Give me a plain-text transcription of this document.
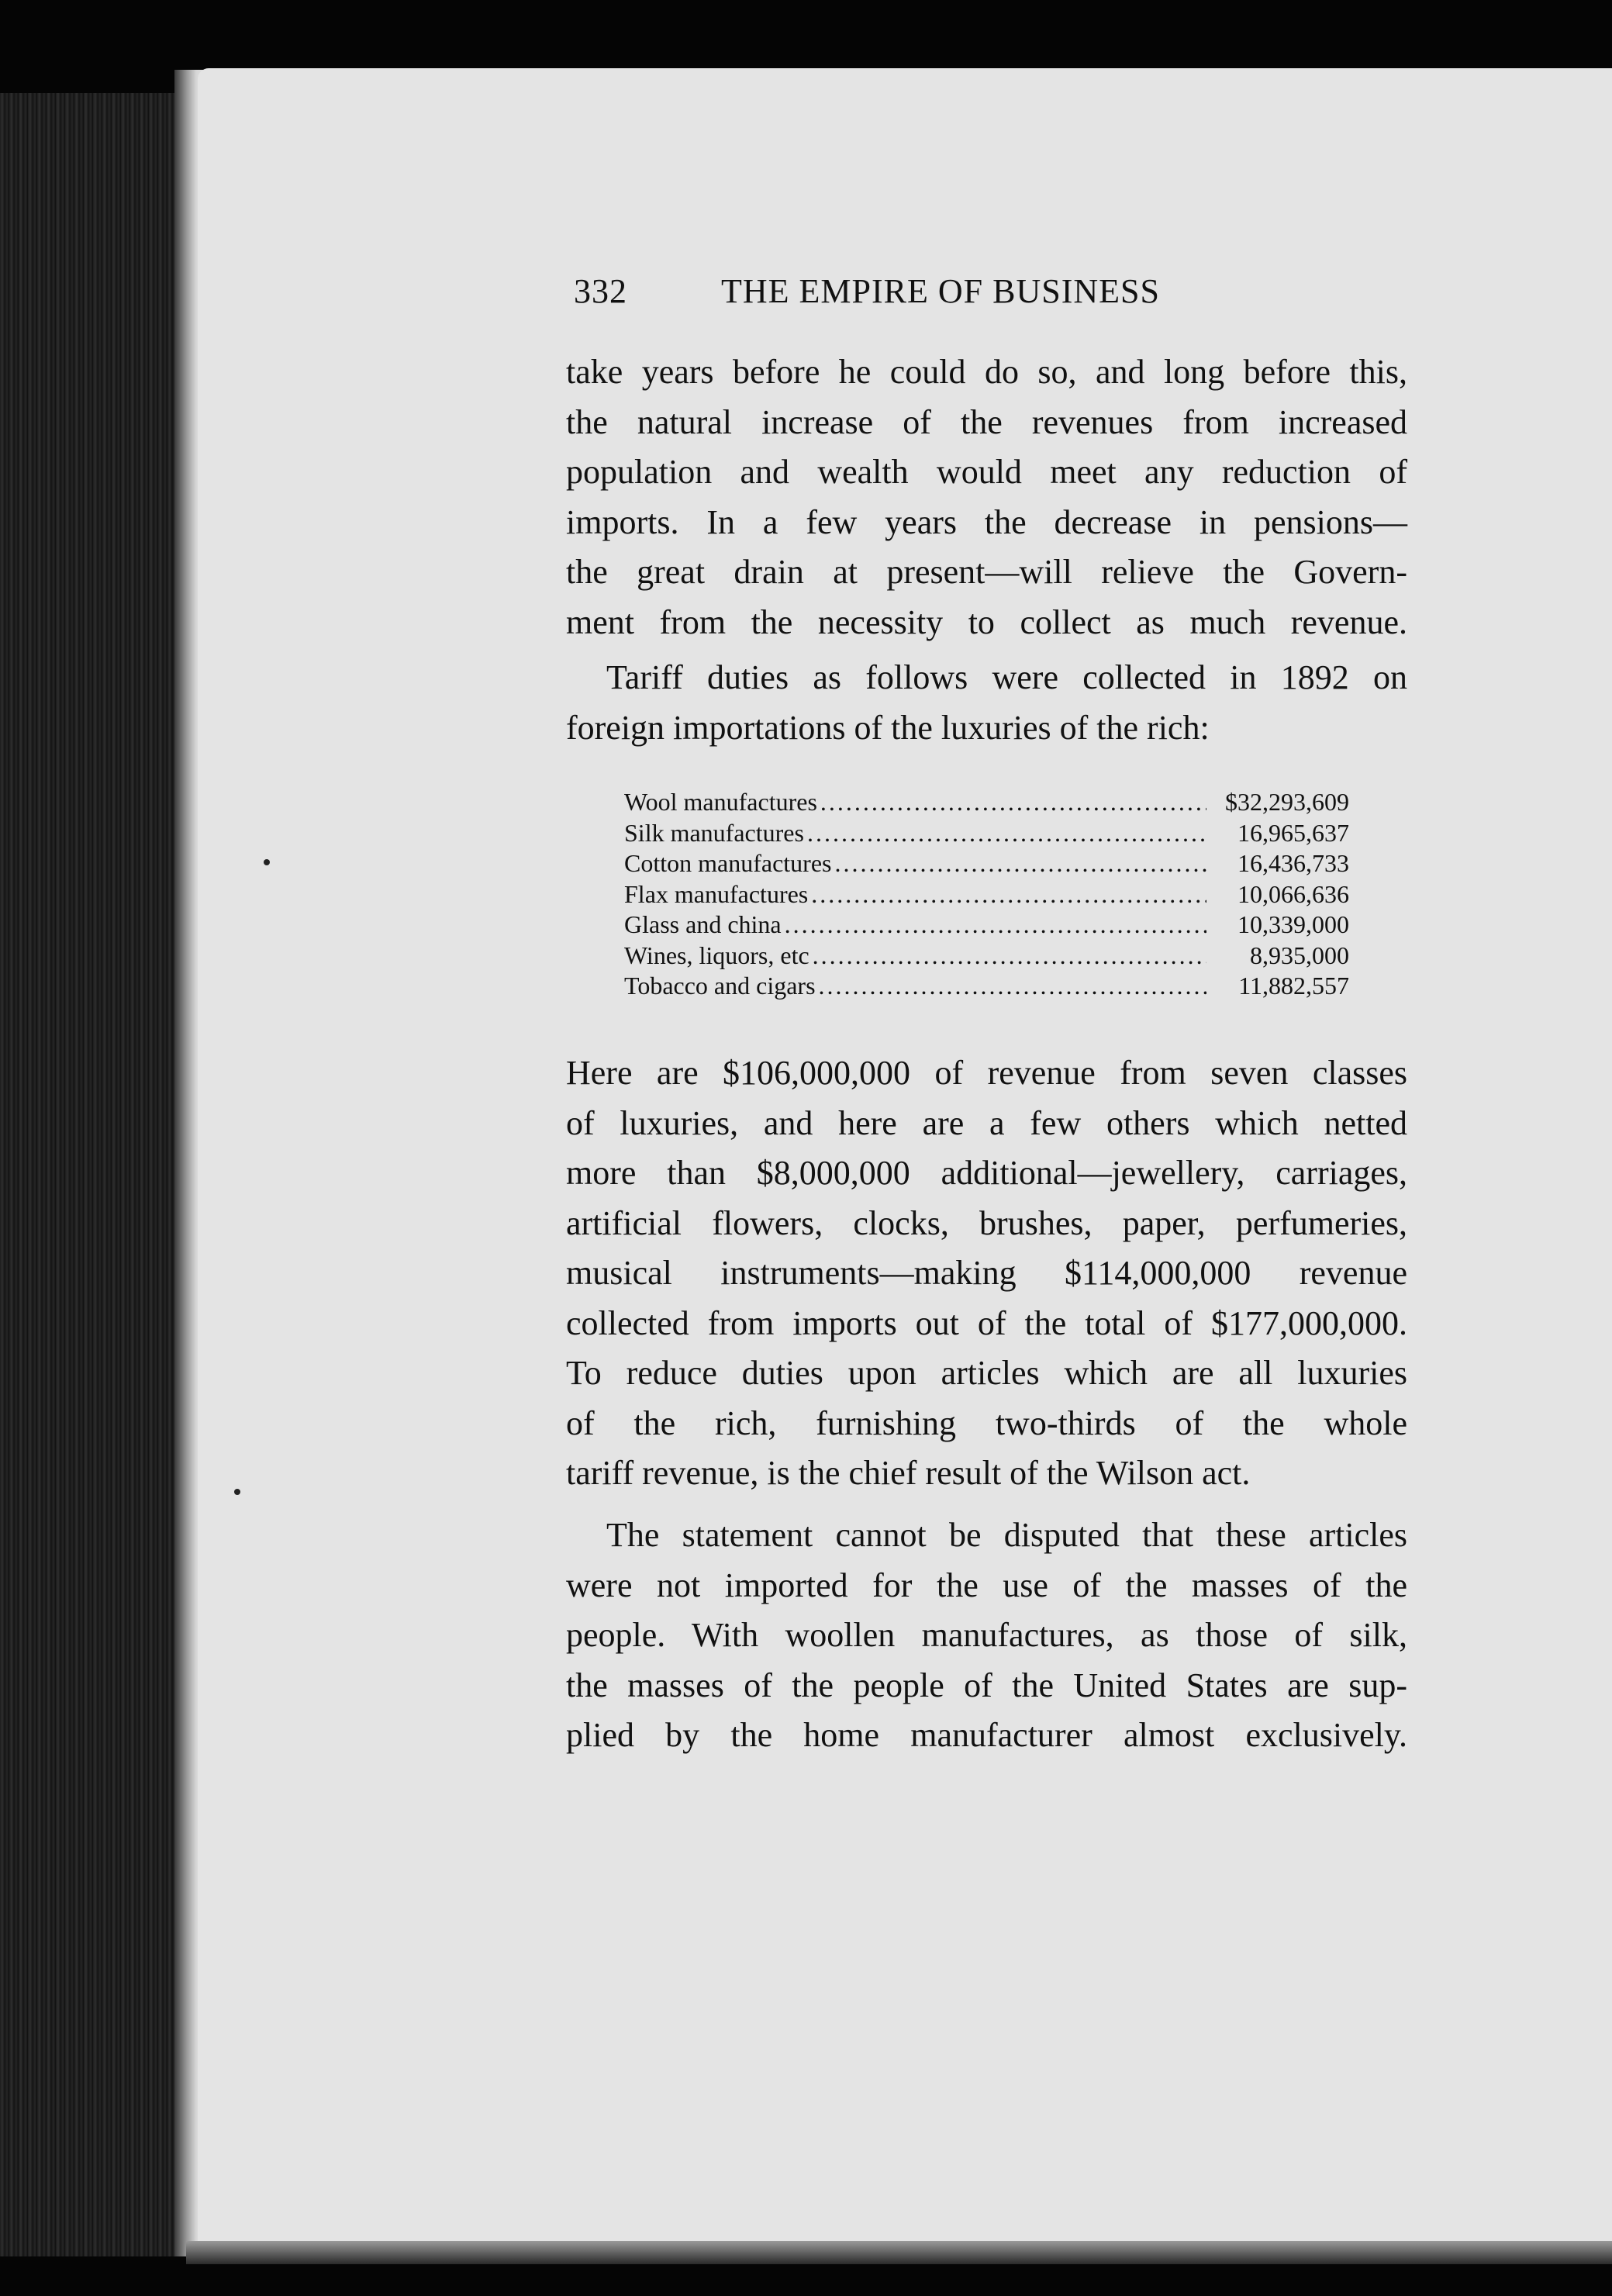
332	THE EMPIRE OF BUSINESS
take years before he could do so, and long before this,
the natural increase of the revenues from increased
population and wealth would meet any reduction of
imports. In a few years the decrease in pensions—
the great drain at present—will relieve the Govern-
ment from the necessity to collect as much revenue.
Tariff duties as follows were collected in 1892 on
foreign importations of the luxuries of the rich:
Wool manufactures .....	$32,293,609
Silk manufactures .....	16,965,637
Cotton manufactures .....	16,436,733
Flax manufactures .....	10,066,636
Glass and china .....	10,339,000
Wines, liquors, etc .....	8,935,000
Tobacco and cigars .....	11,882,557
Here are $106,000,000 of revenue from seven classes
of luxuries, and here are a few others which netted
more than $8,000,000 additional—jewellery, carriages,
artificial flowers, clocks, brushes, paper, perfumeries,
musical instruments—making $114,000,000 revenue
collected from imports out of the total of $177,000,000.
To reduce duties upon articles which are all luxuries
of the rich, furnishing two-thirds of the whole
tariff revenue, is the chief result of the Wilson act.
The statement cannot be disputed that these articles
were not imported for the use of the masses of the
people. With woollen manufactures, as those of silk,
the masses of the people of the United States are sup-
plied by the home manufacturer almost exclusively.
